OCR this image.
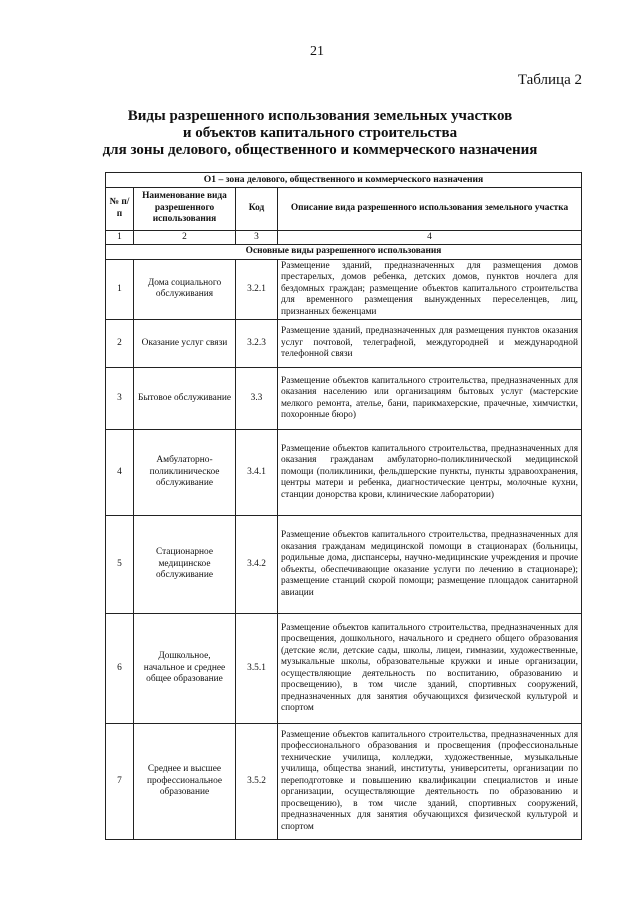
21
Таблица 2
Виды разрешенного использования земельных участков
и объектов капитального строительства
для зоны делового, общественного и коммерческого назначения
О1 – зона делового, общественного и коммерческого назначения			
№ п/п	Наименование вида разрешенного использования	Код	Описание вида разрешенного использования земельного участка
1	2	3	4
Основные виды разрешенного использования			
1	Дома социального обслуживания	3.2.1	Размещение зданий, предназначенных для размещения домов престарелых, домов ребенка, детских домов, пунктов ночлега для бездомных граждан; размещение объектов капитального строительства для временного размещения вынужденных переселенцев, лиц, признанных беженцами
2	Оказание услуг связи	3.2.3	Размещение зданий, предназначенных для размещения пунктов оказания услуг почтовой, телеграфной, междугородней и международной телефонной связи
3	Бытовое обслуживание	3.3	Размещение объектов капитального строительства, предназначенных для оказания населению или организациям бытовых услуг (мастерские мелкого ремонта, ателье, бани, парикмахерские, прачечные, химчистки, похоронные бюро)
4	Амбулаторно-поликлиническое обслуживание	3.4.1	Размещение объектов капитального строительства, предназначенных для оказания гражданам амбулаторно-поликлинической медицинской помощи (поликлиники, фельдшерские пункты, пункты здравоохранения, центры матери и ребенка, диагностические центры, молочные кухни, станции донорства крови, клинические лаборатории)
5	Стационарное медицинское обслуживание	3.4.2	Размещение объектов капитального строительства, предназначенных для оказания гражданам медицинской помощи в стационарах (больницы, родильные дома, диспансеры, научно-медицинские учреждения и прочие объекты, обеспечивающие оказание услуги по лечению в стационаре); размещение станций скорой помощи; размещение площадок санитарной авиации
6	Дошкольное, начальное и среднее общее образование	3.5.1	Размещение объектов капитального строительства, предназначенных для просвещения, дошкольного, начального и среднего общего образования (детские ясли, детские сады, школы, лицеи, гимназии, художественные, музыкальные школы, образовательные кружки и иные организации, осуществляющие деятельность по воспитанию, образованию и просвещению), в том числе зданий, спортивных сооружений, предназначенных для занятия обучающихся физической культурой и спортом
7	Среднее и высшее профессиональное образование	3.5.2	Размещение объектов капитального строительства, предназначенных для профессионального образования и просвещения (профессиональные технические училища, колледжи, художественные, музыкальные училища, общества знаний, институты, университеты, организации по переподготовке и повышению квалификации специалистов и иные организации, осуществляющие деятельность по образованию и просвещению), в том числе зданий, спортивных сооружений, предназначенных для занятия обучающихся физической культурой и спортом
